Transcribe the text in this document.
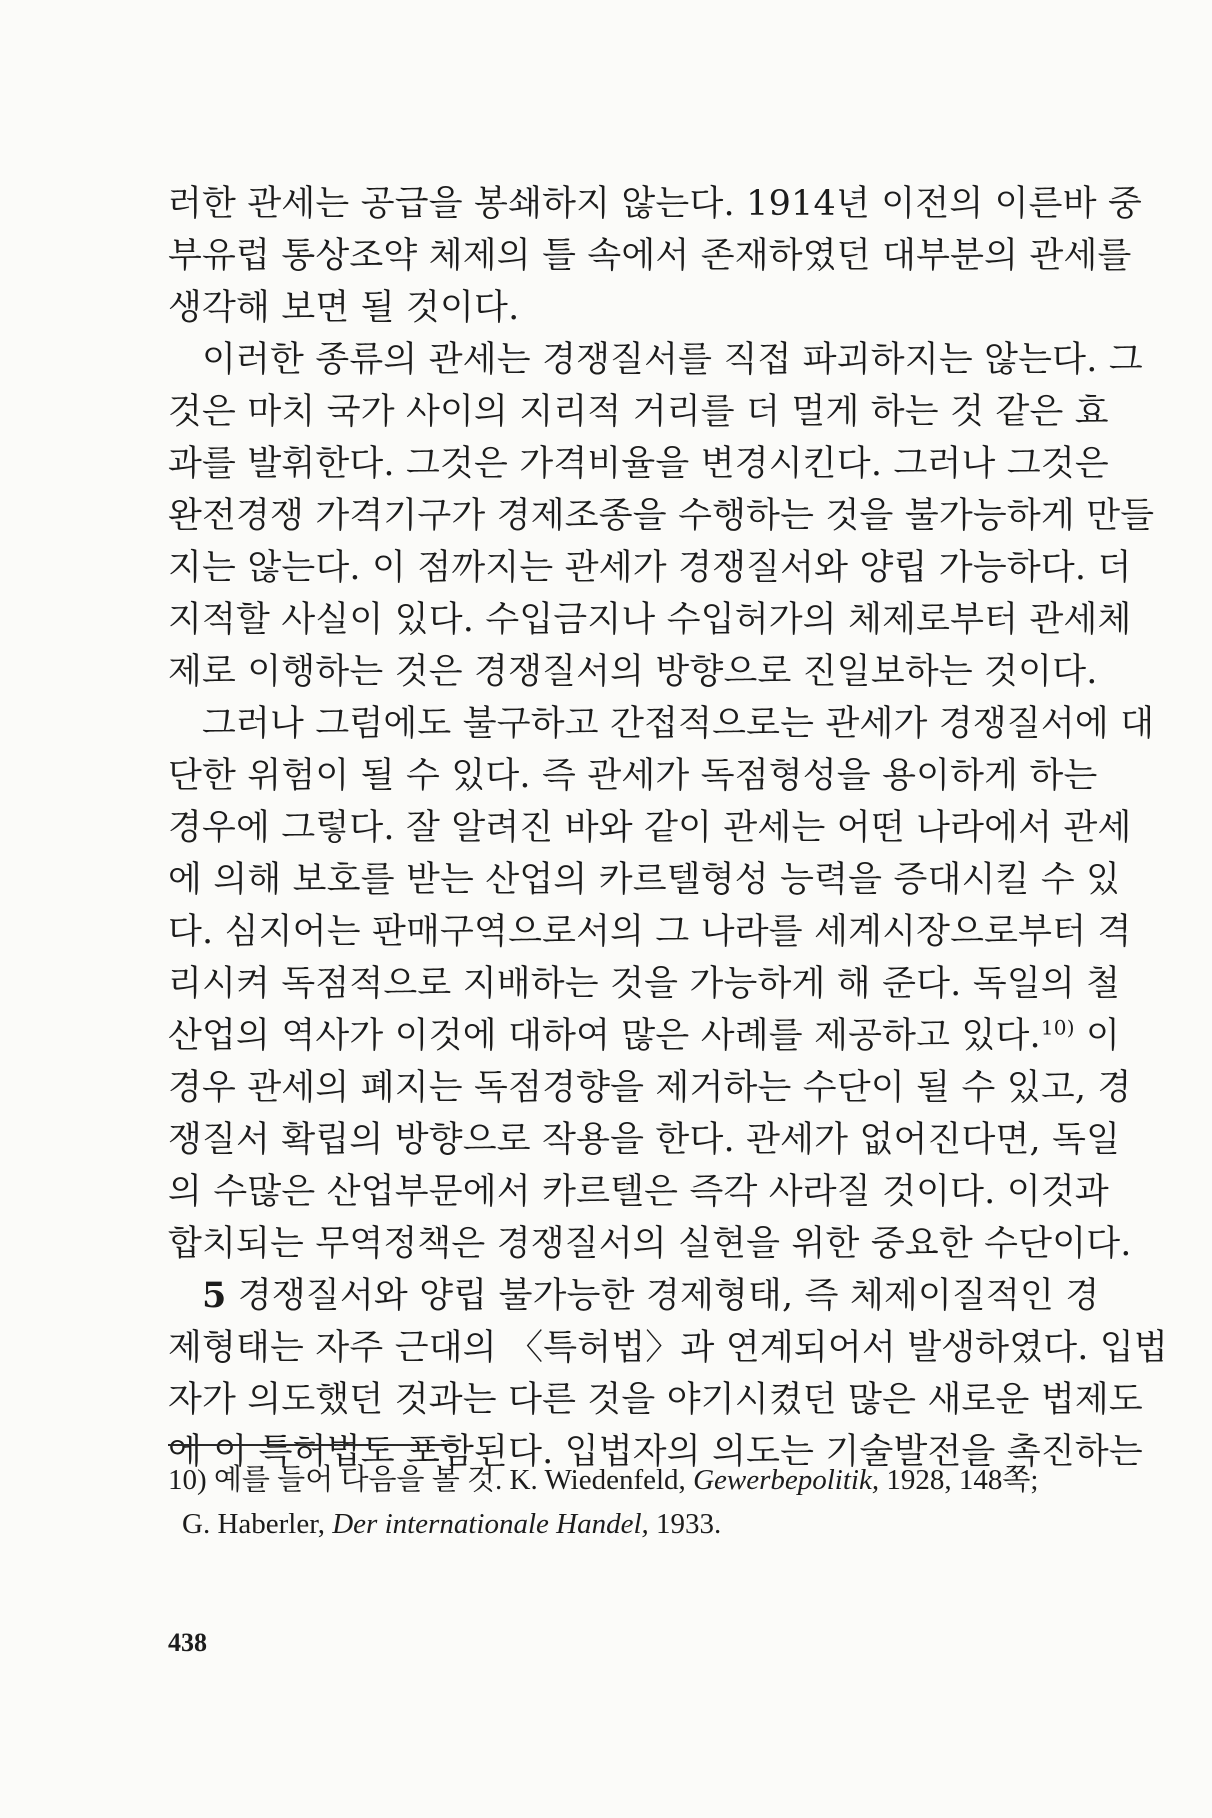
러한 관세는 공급을 봉쇄하지 않는다. 1914년 이전의 이른바 중
부유럽 통상조약 체제의 틀 속에서 존재하였던 대부분의 관세를
생각해 보면 될 것이다.
이러한 종류의 관세는 경쟁질서를 직접 파괴하지는 않는다. 그
것은 마치 국가 사이의 지리적 거리를 더 멀게 하는 것 같은 효
과를 발휘한다. 그것은 가격비율을 변경시킨다. 그러나 그것은
완전경쟁 가격기구가 경제조종을 수행하는 것을 불가능하게 만들
지는 않는다. 이 점까지는 관세가 경쟁질서와 양립 가능하다. 더
지적할 사실이 있다. 수입금지나 수입허가의 체제로부터 관세체
제로 이행하는 것은 경쟁질서의 방향으로 진일보하는 것이다.
그러나 그럼에도 불구하고 간접적으로는 관세가 경쟁질서에 대
단한 위험이 될 수 있다. 즉 관세가 독점형성을 용이하게 하는
경우에 그렇다. 잘 알려진 바와 같이 관세는 어떤 나라에서 관세
에 의해 보호를 받는 산업의 카르텔형성 능력을 증대시킬 수 있
다. 심지어는 판매구역으로서의 그 나라를 세계시장으로부터 격
리시켜 독점적으로 지배하는 것을 가능하게 해 준다. 독일의 철
산업의 역사가 이것에 대하여 많은 사례를 제공하고 있다.$^{10)}$ 이
경우 관세의 폐지는 독점경향을 제거하는 수단이 될 수 있고, 경
쟁질서 확립의 방향으로 작용을 한다. 관세가 없어진다면, 독일
의 수많은 산업부문에서 카르텔은 즉각 사라질 것이다. 이것과
합치되는 무역정책은 경쟁질서의 실현을 위한 중요한 수단이다.
5 경쟁질서와 양립 불가능한 경제형태, 즉 체제이질적인 경
제형태는 자주 근대의 〈특허법〉과 연계되어서 발생하였다. 입법
자가 의도했던 것과는 다른 것을 야기시켰던 많은 새로운 법제도
에 이 특허법도 포함된다. 입법자의 의도는 기술발전을 촉진하는
10) 예를 들어 다음을 볼 것. K. Wiedenfeld, Gewerbepolitik, 1928, 148쪽;
G. Haberler, Der internationale Handel, 1933.
438
